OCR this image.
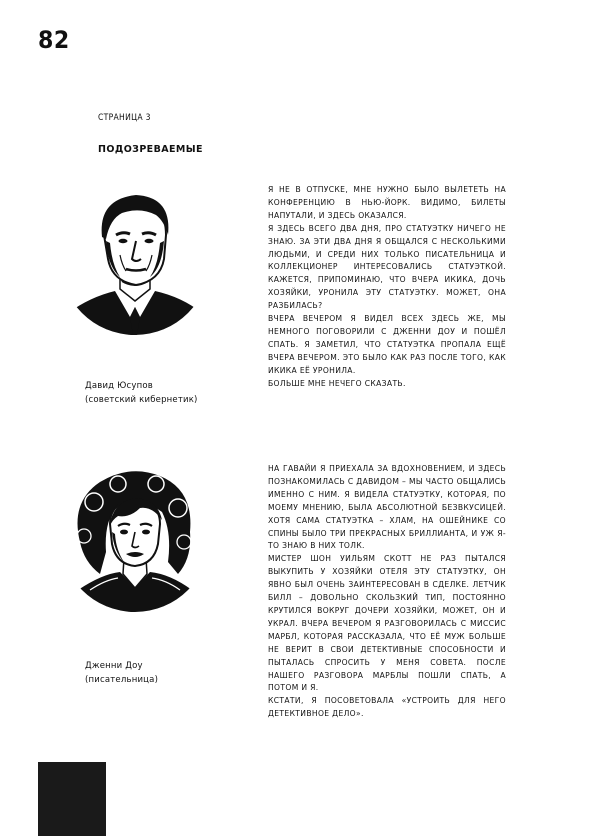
82
СТРАНИЦА 3
ПОДОЗРЕВАЕМЫЕ
Давид Юсупов
(советский кибернетик)

Я НЕ В ОТПУСКЕ, МНЕ НУЖНО БЫЛО ВЫЛЕТЕТЬ НА КОНФЕРЕНЦИЮ В НЬЮ-ЙОРК. ВИДИМО, БИЛЕТЫ НАПУТАЛИ, И ЗДЕСЬ ОКАЗАЛСЯ.

Я ЗДЕСЬ ВСЕГО ДВА ДНЯ, ПРО СТАТУЭТКУ НИЧЕГО НЕ ЗНАЮ. ЗА ЭТИ ДВА ДНЯ Я ОБЩАЛСЯ С НЕСКОЛЬКИМИ ЛЮДЬМИ, И СРЕДИ НИХ ТОЛЬКО ПИСАТЕЛЬНИЦА И КОЛЛЕКЦИОНЕР ИНТЕРЕСОВАЛИСЬ СТАТУЭТКОЙ. КАЖЕТСЯ, ПРИПОМИНАЮ, ЧТО ВЧЕРА ИКИКА, ДОЧЬ ХОЗЯЙКИ, УРОНИЛА ЭТУ СТАТУЭТКУ. МОЖЕТ, ОНА РАЗБИЛАСЬ?

ВЧЕРА ВЕЧЕРОМ Я ВИДЕЛ ВСЕХ ЗДЕСЬ ЖЕ, МЫ НЕМНОГО ПОГОВОРИЛИ С ДЖЕННИ ДОУ И ПОШЁЛ СПАТЬ. Я ЗАМЕТИЛ, ЧТО СТАТУЭТКА ПРОПАЛА ЕЩЁ ВЧЕРА ВЕЧЕРОМ. ЭТО БЫЛО КАК РАЗ ПОСЛЕ ТОГО, КАК ИКИКА ЕЁ УРОНИЛА.

БОЛЬШЕ МНЕ НЕЧЕГО СКАЗАТЬ.

Дженни Доу
(писательница)

НА ГАВАЙИ Я ПРИЕХАЛА ЗА ВДОХНОВЕНИЕМ, И ЗДЕСЬ ПОЗНАКОМИЛАСЬ С ДАВИДОМ – МЫ ЧАСТО ОБЩАЛИСЬ ИМЕННО С НИМ. Я ВИДЕЛА СТАТУЭТКУ, КОТОРАЯ, ПО МОЕМУ МНЕНИЮ, БЫЛА АБСОЛЮТНОЙ БЕЗВКУСИЦЕЙ. ХОТЯ САМА СТАТУЭТКА – ХЛАМ, НА ОШЕЙНИКЕ СО СПИНЫ БЫЛО ТРИ ПРЕКРАСНЫХ БРИЛЛИАНТА, И УЖ Я-ТО ЗНАЮ В НИХ ТОЛК.

МИСТЕР ШОН УИЛЬЯМ СКОТТ НЕ РАЗ ПЫТАЛСЯ ВЫКУПИТЬ У ХОЗЯЙКИ ОТЕЛЯ ЭТУ СТАТУЭТКУ, ОН ЯВНО БЫЛ ОЧЕНЬ ЗАИНТЕРЕСОВАН В СДЕЛКЕ. ЛЕТЧИК БИЛЛ – ДОВОЛЬНО СКОЛЬЗКИЙ ТИП, ПОСТОЯННО КРУТИЛСЯ ВОКРУГ ДОЧЕРИ ХОЗЯЙКИ, МОЖЕТ, ОН И УКРАЛ. ВЧЕРА ВЕЧЕРОМ Я РАЗГОВОРИЛАСЬ С МИССИС МАРБЛ, КОТОРАЯ РАССКАЗАЛА, ЧТО ЕЁ МУЖ БОЛЬШЕ НЕ ВЕРИТ В СВОИ ДЕТЕКТИВНЫЕ СПОСОБНОСТИ И ПЫТАЛАСЬ СПРОСИТЬ У МЕНЯ СОВЕТА. ПОСЛЕ НАШЕГО РАЗГОВОРА МАРБЛЫ ПОШЛИ СПАТЬ, А ПОТОМ И Я.

КСТАТИ, Я ПОСОВЕТОВАЛА «УСТРОИТЬ ДЛЯ НЕГО ДЕТЕКТИВНОЕ ДЕЛО».
